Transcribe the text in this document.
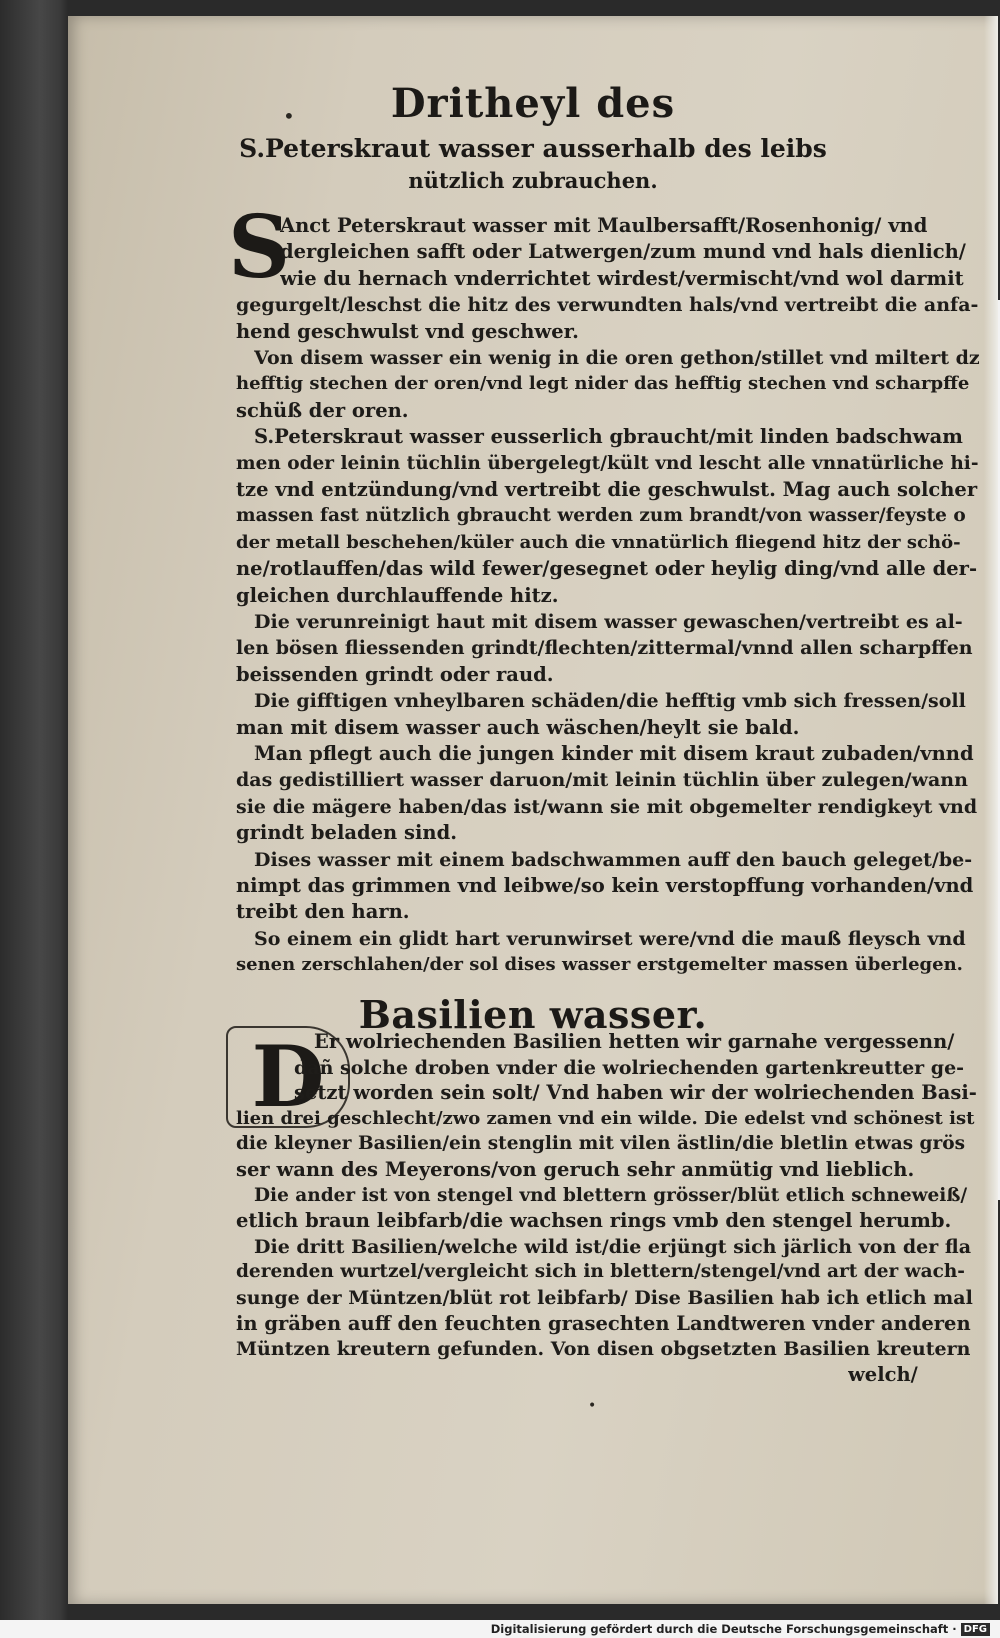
•	Dritheyl des
S.Peterskraut wasser ausserhalb des leibs
nützlich zubrauchen.
S
Anct Peterskraut wasser mit Maulbersafft/Rosenhonig/ vnd
dergleichen safft oder Latwergen/zum mund vnd hals dienlich/
wie du hernach vnderrichtet wirdest/vermischt/vnd wol darmit
gegurgelt/leschst die hitz des verwundten hals/vnd vertreibt die anfa-
hend geschwulst vnd geschwer.
Von disem wasser ein wenig in die oren gethon/stillet vnd miltert dz
hefftig stechen der oren/vnd legt nider das hefftig stechen vnd scharpffe
schüß der oren.
S.Peterskraut wasser eusserlich gbraucht/mit linden badschwam
men oder leinin tüchlin übergelegt/kült vnd lescht alle vnnatürliche hi-
tze vnd entzündung/vnd vertreibt die geschwulst. Mag auch solcher
massen fast nützlich gbraucht werden zum brandt/von wasser/feyste o
der metall beschehen/küler auch die vnnatürlich fliegend hitz der schö-
ne/rotlauffen/das wild fewer/gesegnet oder heylig ding/vnd alle der-
gleichen durchlauffende hitz.
Die verunreinigt haut mit disem wasser gewaschen/vertreibt es al-
len bösen fliessenden grindt/flechten/zittermal/vnnd allen scharpffen
beissenden grindt oder raud.
Die gifftigen vnheylbaren schäden/die hefftig vmb sich fressen/soll
man mit disem wasser auch wäschen/heylt sie bald.
Man pflegt auch die jungen kinder mit disem kraut zubaden/vnnd
das gedistilliert wasser daruon/mit leinin tüchlin über zulegen/wann
sie die mägere haben/das ist/wann sie mit obgemelter rendigkeyt vnd
grindt beladen sind.
Dises wasser mit einem badschwammen auff den bauch geleget/be-
nimpt das grimmen vnd leibwe/so kein verstopffung vorhanden/vnd
treibt den harn.
So einem ein glidt hart verunwirset were/vnd die mauß fleysch vnd
senen zerschlahen/der sol dises wasser erstgemelter massen überlegen.
Basilien wasser.
D
Er wolriechenden Basilien hetten wir garnahe vergessenn/
dañ solche droben vnder die wolriechenden gartenkreutter ge-
setzt worden sein solt/ Vnd haben wir der wolriechenden Basi-
lien drei geschlecht/zwo zamen vnd ein wilde. Die edelst vnd schönest ist
die kleyner Basilien/ein stenglin mit vilen ästlin/die bletlin etwas grös
ser wann des Meyerons/von geruch sehr anmütig vnd lieblich.
Die ander ist von stengel vnd blettern grösser/blüt etlich schneweiß/
etlich braun leibfarb/die wachsen rings vmb den stengel herumb.
Die dritt Basilien/welche wild ist/die erjüngt sich järlich von der fla
derenden wurtzel/vergleicht sich in blettern/stengel/vnd art der wach-
sunge der Müntzen/blüt rot leibfarb/ Dise Basilien hab ich etlich mal
in gräben auff den feuchten grasechten Landtweren vnder anderen
Müntzen kreutern gefunden. Von disen obgsetzten Basilien kreutern
welch/
•
Digitalisierung gefördert durch die Deutsche Forschungsgemeinschaft · DFG
